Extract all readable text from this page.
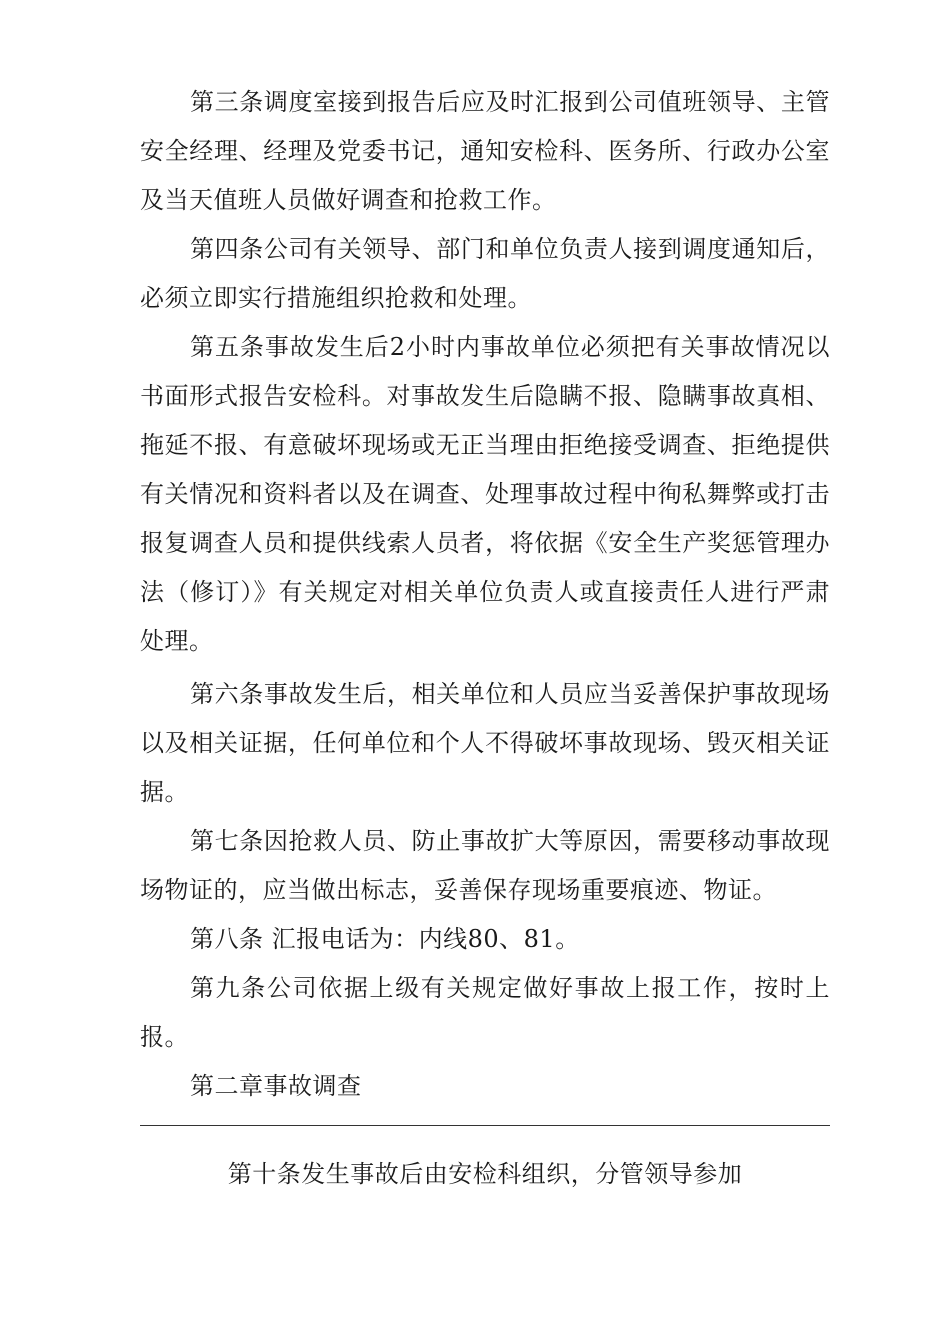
第三条调度室接到报告后应及时汇报到公司值班领导、主管安全经理、经理及党委书记，通知安检科、医务所、行政办公室及当天值班人员做好调查和抢救工作。

第四条公司有关领导、部门和单位负责人接到调度通知后，必须立即实行措施组织抢救和处理。

第五条事故发生后2小时内事故单位必须把有关事故情况以书面形式报告安检科。对事故发生后隐瞒不报、隐瞒事故真相、拖延不报、有意破坏现场或无正当理由拒绝接受调查、拒绝提供有关情况和资料者以及在调查、处理事故过程中徇私舞弊或打击报复调查人员和提供线索人员者，将依据《安全生产奖惩管理办法（修订）》有关规定对相关单位负责人或直接责任人进行严肃处理。

第六条事故发生后，相关单位和人员应当妥善保护事故现场以及相关证据，任何单位和个人不得破坏事故现场、毁灭相关证据。

第七条因抢救人员、防止事故扩大等原因，需要移动事故现场物证的，应当做出标志，妥善保存现场重要痕迹、物证。

第八条 汇报电话为：内线80、81。

第九条公司依据上级有关规定做好事故上报工作，按时上报。

第二章事故调查

第十条发生事故后由安检科组织，分管领导参加
